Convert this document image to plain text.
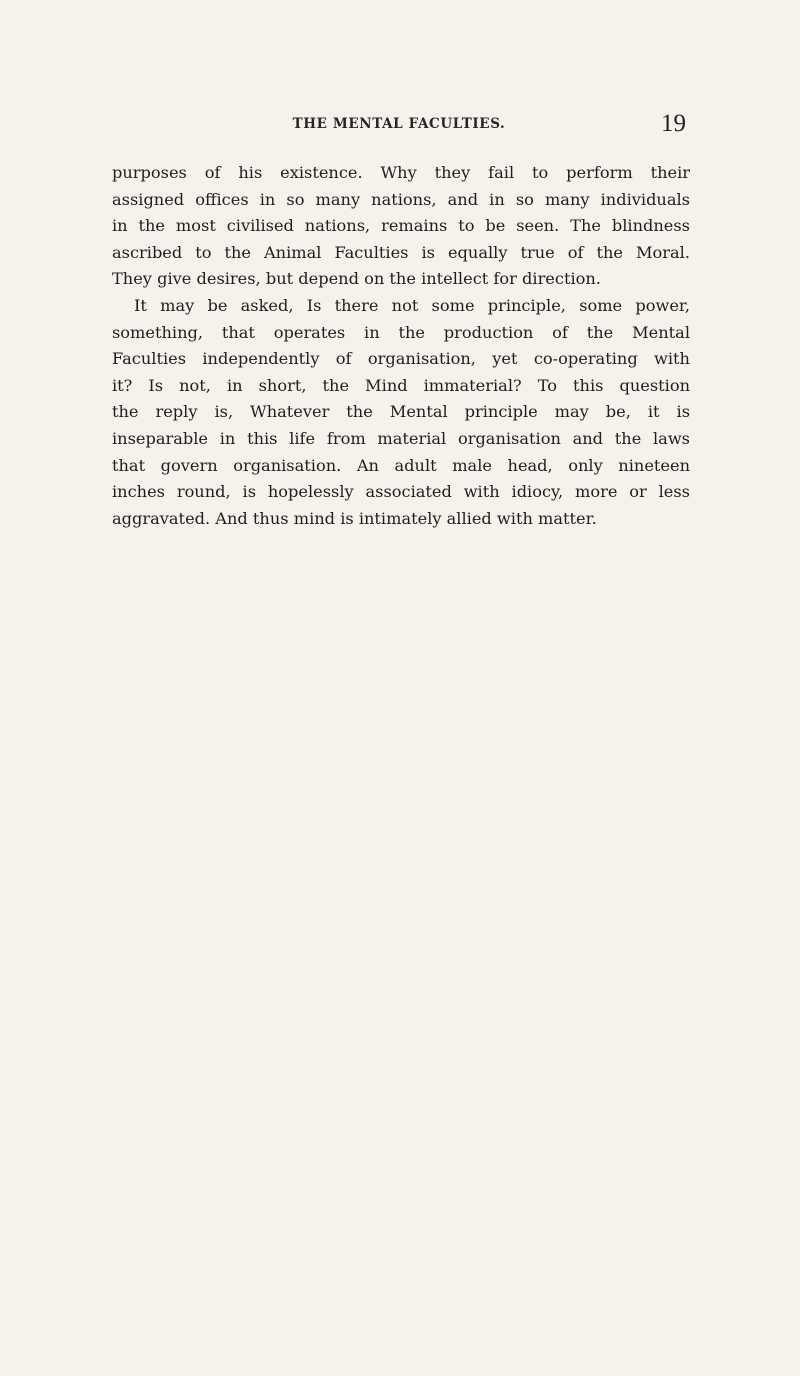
THE MENTAL FACULTIES.	19
purposes of his existence. Why they fail to perform their
assigned offices in so many nations, and in so many individuals
in the most civilised nations, remains to be seen. The blindness
ascribed to the Animal Faculties is equally true of the Moral.
They give desires, but depend on the intellect for direction.
It may be asked, Is there not some principle, some power,
something, that operates in the production of the Mental
Faculties independently of organisation, yet co-operating with
it? Is not, in short, the Mind immaterial? To this question
the reply is, Whatever the Mental principle may be, it is
inseparable in this life from material organisation and the laws
that govern organisation. An adult male head, only nineteen
inches round, is hopelessly associated with idiocy, more or less
aggravated. And thus mind is intimately allied with matter.
